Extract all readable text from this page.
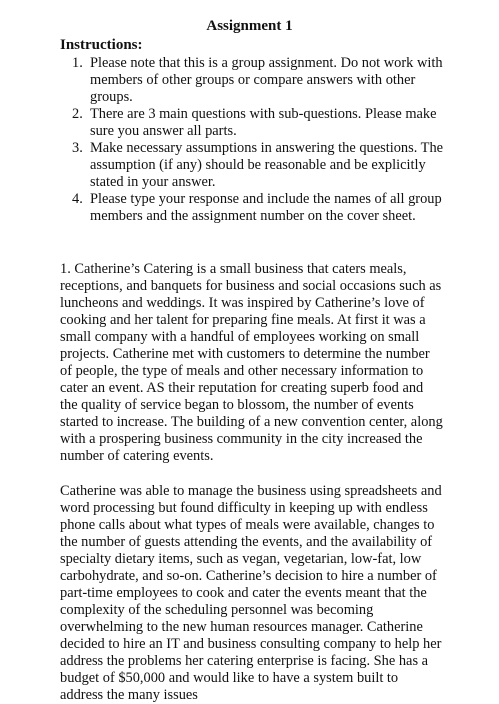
Assignment 1
Instructions:
1. Please note that this is a group assignment. Do not work with members of other groups or compare answers with other groups.
2. There are 3 main questions with sub-questions. Please make sure you answer all parts.
3. Make necessary assumptions in answering the questions. The assumption (if any) should be reasonable and be explicitly stated in your answer.
4. Please type your response and include the names of all group members and the assignment number on the cover sheet.

1. Catherine’s Catering is a small business that caters meals, receptions, and banquets for business and social occasions such as luncheons and weddings. It was inspired by Catherine’s love of cooking and her talent for preparing fine meals. At first it was a small company with a handful of employees working on small projects. Catherine met with customers to determine the number of people, the type of meals and other necessary information to cater an event. AS their reputation for creating superb food and the quality of service began to blossom, the number of events started to increase. The building of a new convention center, along with a prospering business community in the city increased the number of catering events.

Catherine was able to manage the business using spreadsheets and word processing but found difficulty in keeping up with endless phone calls about what types of meals were available, changes to the number of guests attending the events, and the availability of specialty dietary items, such as vegan, vegetarian, low-fat, low carbohydrate, and so-on. Catherine’s decision to hire a number of part-time employees to cook and cater the events meant that the complexity of the scheduling personnel was becoming overwhelming to the new human resources manager. Catherine decided to hire an IT and business consulting company to help her address the problems her catering enterprise is facing. She has a budget of $50,000 and would like to have a system built to address the many issues
